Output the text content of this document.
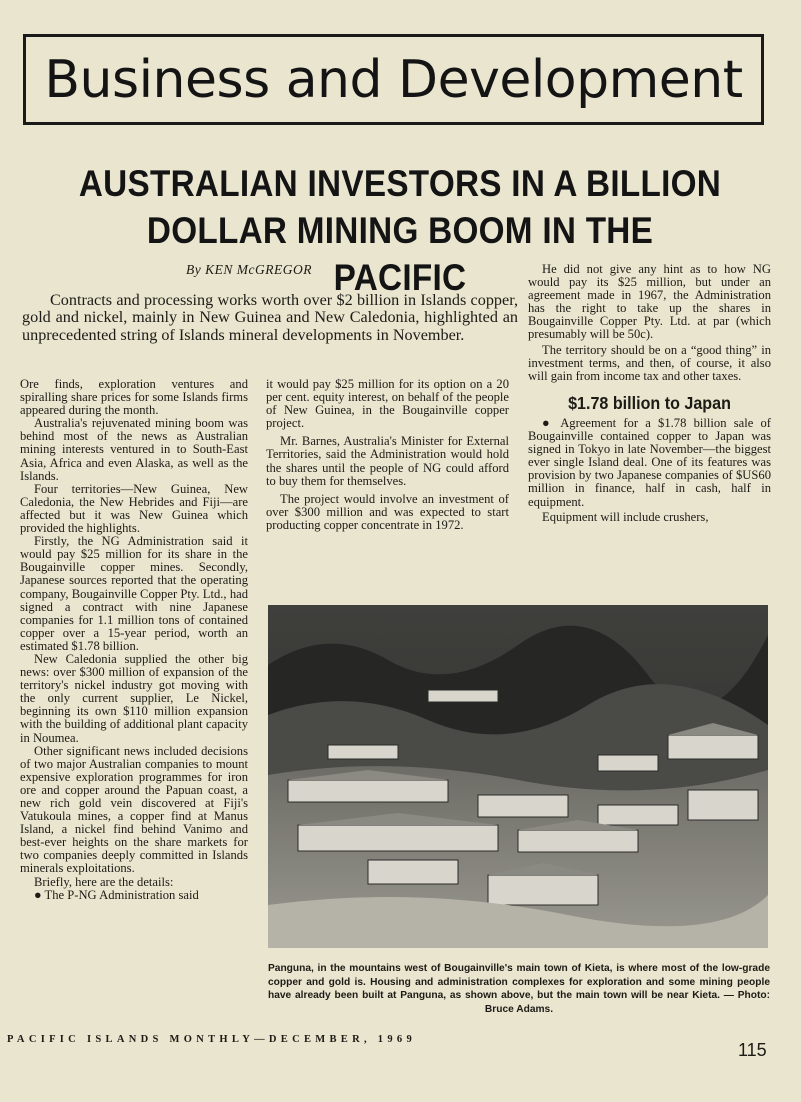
Business and Development
AUSTRALIAN INVESTORS IN A BILLION DOLLAR MINING BOOM IN THE PACIFIC
By KEN McGREGOR
Contracts and processing works worth over $2 billion in Islands copper, gold and nickel, mainly in New Guinea and New Caledonia, highlighted an unprecedented string of Islands mineral developments in November.

Ore finds, exploration ventures and spiralling share prices for some Islands firms appeared during the month.

Australia's rejuvenated mining boom was behind most of the news as Australian mining interests ventured in to South-East Asia, Africa and even Alaska, as well as the Islands.

Four territories—New Guinea, New Caledonia, the New Hebrides and Fiji—are affected but it was New Guinea which provided the highlights.

Firstly, the NG Administration said it would pay $25 million for its share in the Bougainville copper mines. Secondly, Japanese sources reported that the operating company, Bougainville Copper Pty. Ltd., had signed a contract with nine Japanese companies for 1.1 million tons of contained copper over a 15-year period, worth an estimated $1.78 billion.

New Caledonia supplied the other big news: over $300 million of expansion of the territory's nickel industry got moving with the only current supplier, Le Nickel, beginning its own $110 million expansion with the building of additional plant capacity in Noumea.

Other significant news included decisions of two major Australian companies to mount expensive exploration programmes for iron ore and copper around the Papuan coast, a new rich gold vein discovered at Fiji's Vatukoula mines, a copper find at Manus Island, a nickel find behind Vanimo and best-ever heights on the share markets for two companies deeply committed in Islands minerals exploitations.

Briefly, here are the details:

● The P-NG Administration said

it would pay $25 million for its option on a 20 per cent. equity interest, on behalf of the people of New Guinea, in the Bougainville copper project.

Mr. Barnes, Australia's Minister for External Territories, said the Administration would hold the shares until the people of NG could afford to buy them for themselves.

The project would involve an investment of over $300 million and was expected to start producting copper concentrate in 1972.

He did not give any hint as to how NG would pay its $25 million, but under an agreement made in 1967, the Administration has the right to take up the shares in Bougainville Copper Pty. Ltd. at par (which presumably will be 50c).

The territory should be on a “good thing” in investment terms, and then, of course, it also will gain from income tax and other taxes.

$1.78 billion to Japan

● Agreement for a $1.78 billion sale of Bougainville contained copper to Japan was signed in Tokyo in late November—the biggest ever single Island deal. One of its features was provision by two Japanese companies of $US60 million in finance, half in cash, half in equipment.

Equipment will include crushers,

Panguna, in the mountains west of Bougainville's main town of Kieta, is where most of the low-grade copper and gold is. Housing and administration complexes for exploration and some mining people have already been built at Panguna, as shown above, but the main town will be near Kieta. — Photo: Bruce Adams.
PACIFIC ISLANDS MONTHLY—DECEMBER, 1969
115
